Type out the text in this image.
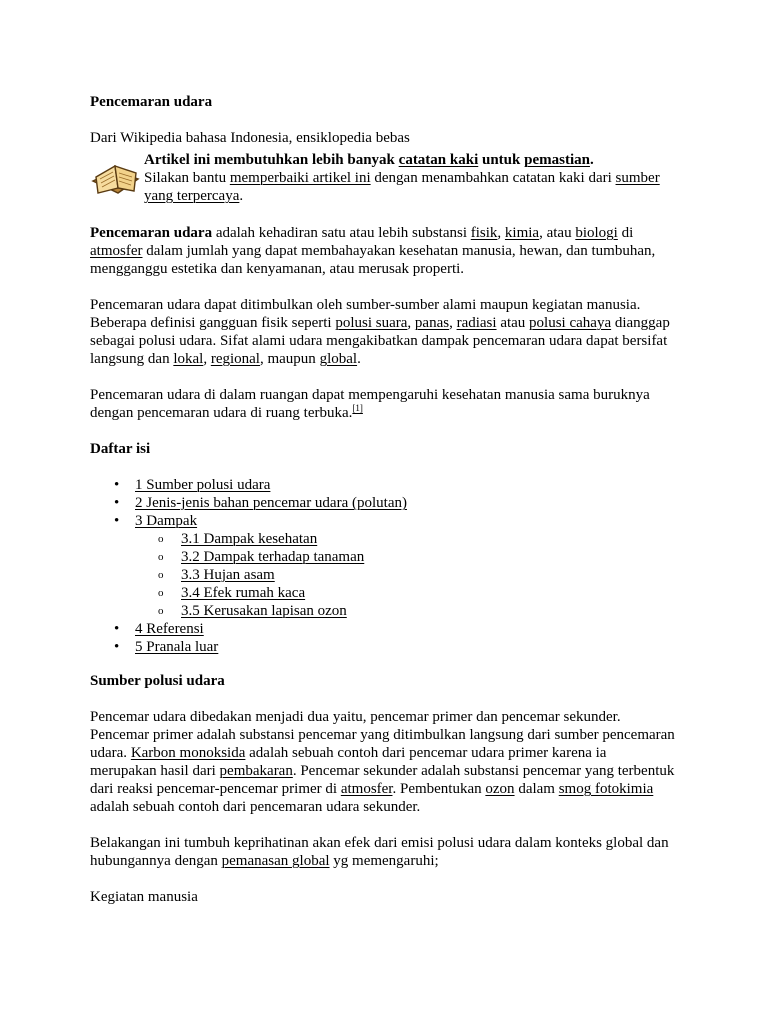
Pencemaran udara

Dari Wikipedia bahasa Indonesia, ensiklopedia bebas

Artikel ini membutuhkan lebih banyak catatan kaki untuk pemastian.

Silakan bantu memperbaiki artikel ini dengan menambahkan catatan kaki dari sumber

yang terpercaya.

Pencemaran udara adalah kehadiran satu atau lebih substansi fisik, kimia, atau biologi di

atmosfer dalam jumlah yang dapat membahayakan kesehatan manusia, hewan, dan tumbuhan,

mengganggu estetika dan kenyamanan, atau merusak properti.

Pencemaran udara dapat ditimbulkan oleh sumber-sumber alami maupun kegiatan manusia.

Beberapa definisi gangguan fisik seperti polusi suara, panas, radiasi atau polusi cahaya dianggap

sebagai polusi udara. Sifat alami udara mengakibatkan dampak pencemaran udara dapat bersifat

langsung dan lokal, regional, maupun global.

Pencemaran udara di dalam ruangan dapat mempengaruhi kesehatan manusia sama buruknya

dengan pencemaran udara di ruang terbuka.[1]

Daftar isi

•	1 Sumber polusi udara

•	2 Jenis-jenis bahan pencemar udara (polutan)

•	3 Dampak

o	3.1 Dampak kesehatan

o	3.2 Dampak terhadap tanaman

o	3.3 Hujan asam

o	3.4 Efek rumah kaca

o	3.5 Kerusakan lapisan ozon

•	4 Referensi

•	5 Pranala luar

Sumber polusi udara

Pencemar udara dibedakan menjadi dua yaitu, pencemar primer dan pencemar sekunder.

Pencemar primer adalah substansi pencemar yang ditimbulkan langsung dari sumber pencemaran

udara. Karbon monoksida adalah sebuah contoh dari pencemar udara primer karena ia

merupakan hasil dari pembakaran. Pencemar sekunder adalah substansi pencemar yang terbentuk

dari reaksi pencemar-pencemar primer di atmosfer. Pembentukan ozon dalam smog fotokimia

adalah sebuah contoh dari pencemaran udara sekunder.

Belakangan ini tumbuh keprihatinan akan efek dari emisi polusi udara dalam konteks global dan

hubungannya dengan pemanasan global yg memengaruhi;

Kegiatan manusia
